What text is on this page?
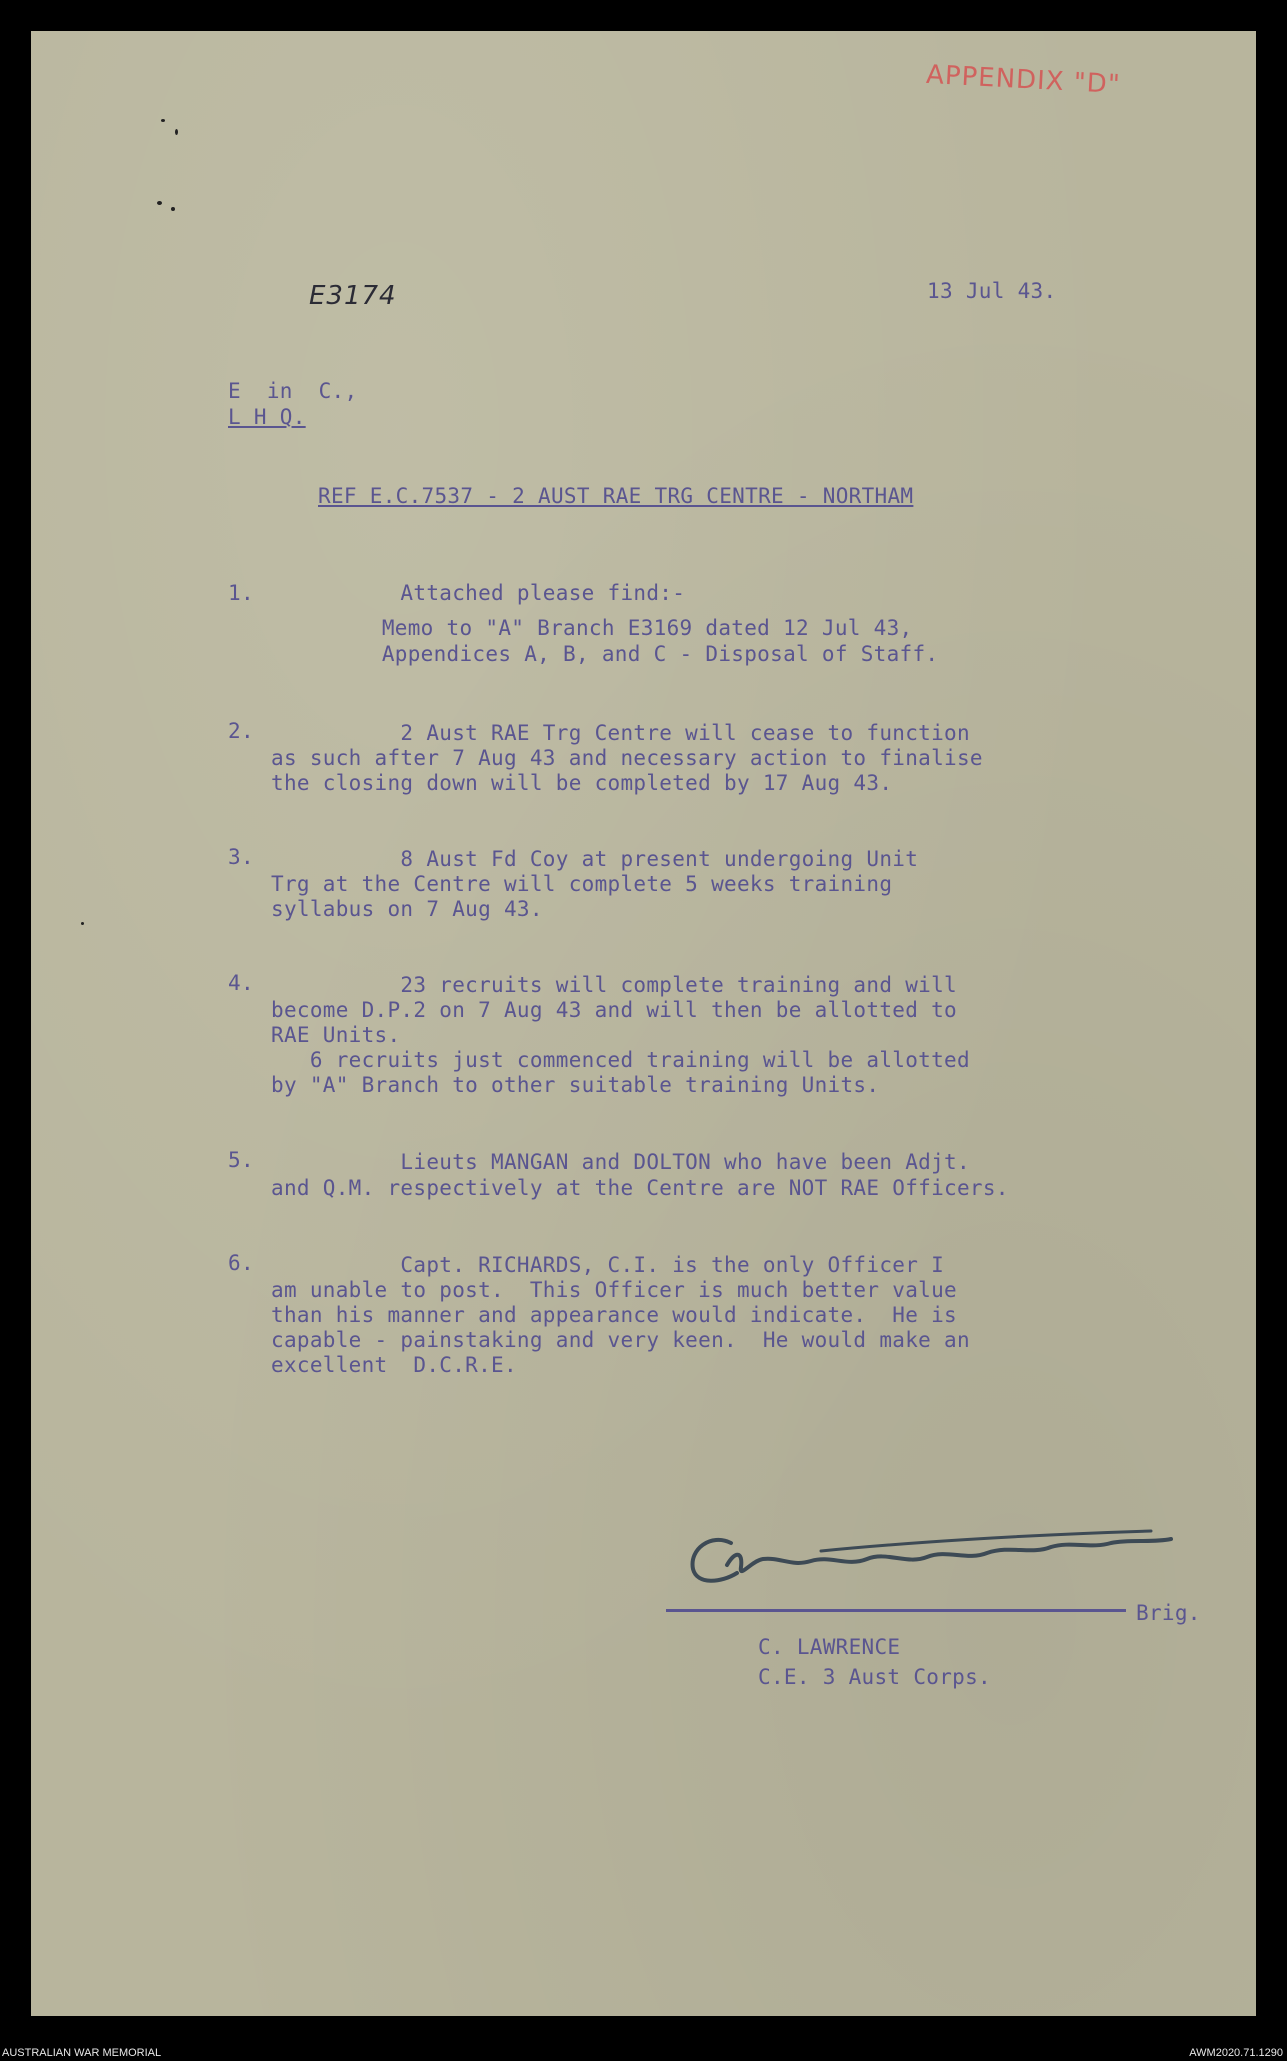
APPENDIX "D"
E3174	13 Jul 43.
E  in  C.,
L H Q.
REF E.C.7537 - 2 AUST RAE TRG CENTRE - NORTHAM
1. Attached please find:-
Memo to "A" Branch E3169 dated 12 Jul 43,
Appendices A, B, and C - Disposal of Staff.
2. 2 Aust RAE Trg Centre will cease to function
as such after 7 Aug 43 and necessary action to finalise
the closing down will be completed by 17 Aug 43.
3. 8 Aust Fd Coy at present undergoing Unit
Trg at the Centre will complete 5 weeks training
syllabus on 7 Aug 43.
4. 23 recruits will complete training and will
become D.P.2 on 7 Aug 43 and will then be allotted to
RAE Units.
6 recruits just commenced training will be allotted
by "A" Branch to other suitable training Units.
5. Lieuts MANGAN and DOLTON who have been Adjt.
and Q.M. respectively at the Centre are NOT RAE Officers.
6. Capt. RICHARDS, C.I. is the only Officer I
am unable to post.  This Officer is much better value
than his manner and appearance would indicate.  He is
capable - painstaking and very keen.  He would make an
excellent  D.C.R.E.
Brig.
C. LAWRENCE
C.E. 3 Aust Corps.
AUSTRALIAN WAR MEMORIAL	AWM2020.71.1290
